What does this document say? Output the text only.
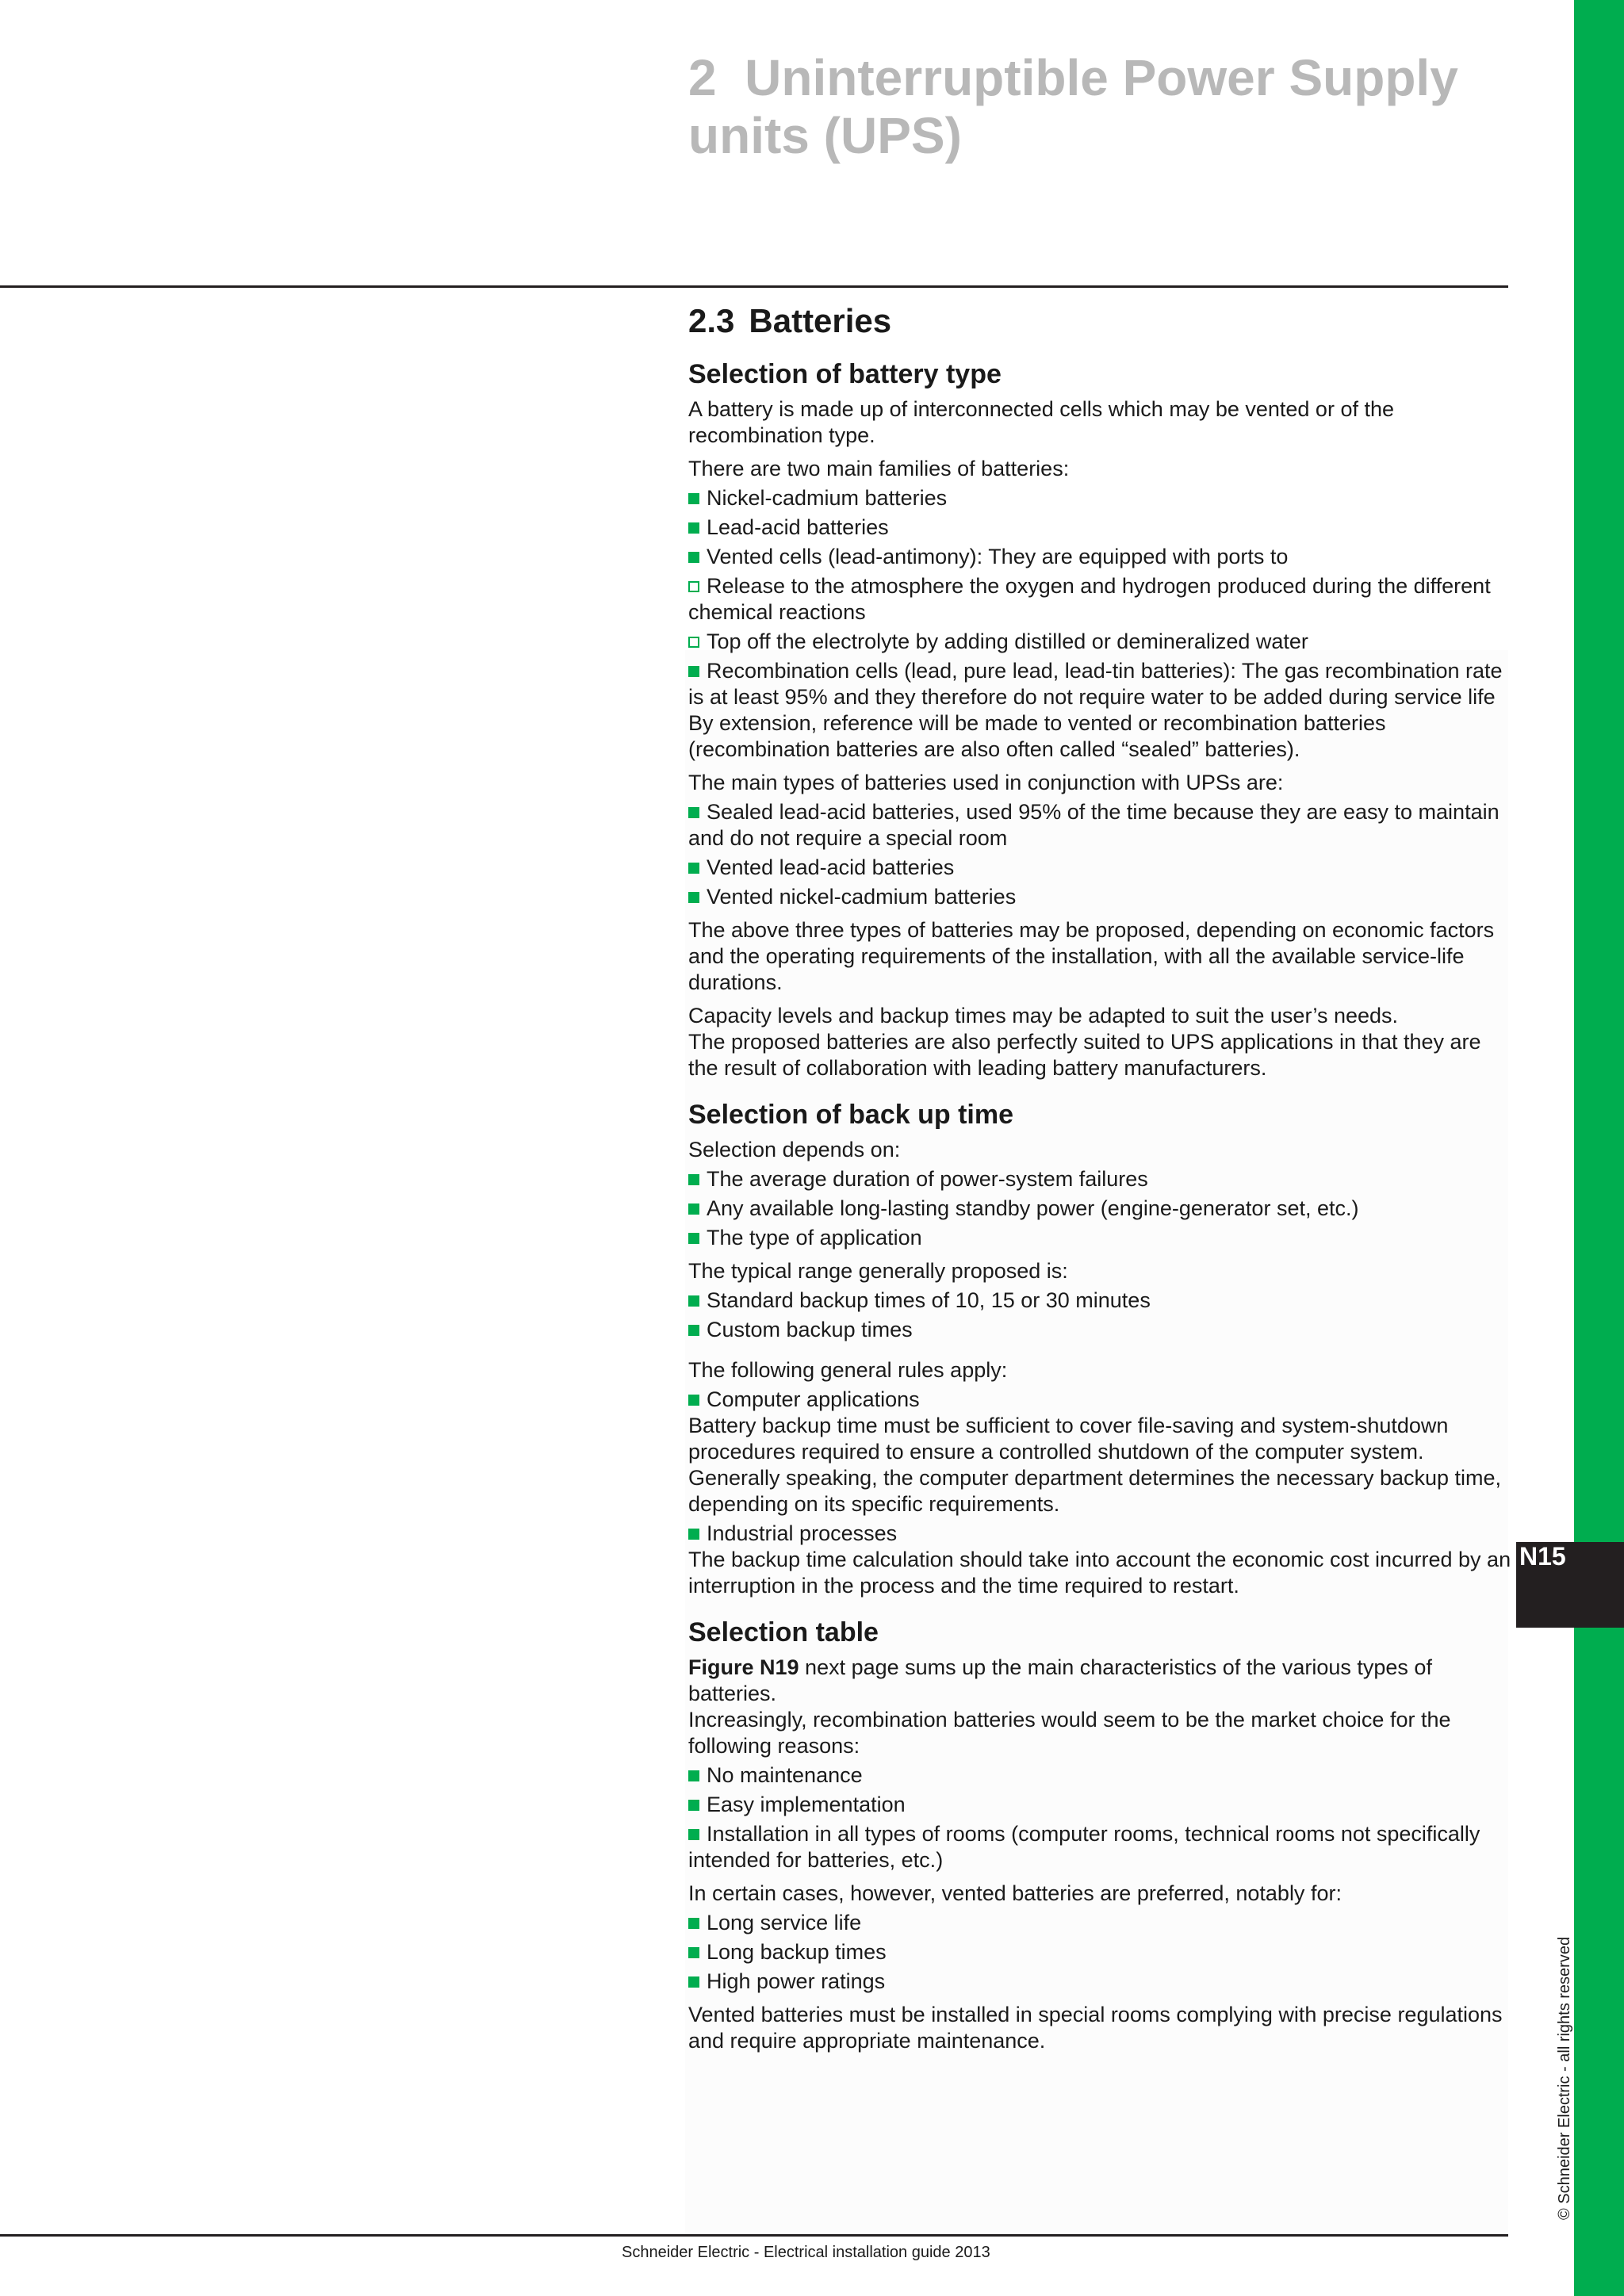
N15
© Schneider Electric - all rights reserved
2 Uninterruptible Power Supply units (UPS)
2.3 Batteries
Selection of battery type

A battery is made up of interconnected cells which may be vented or of the recombination type.

There are two main families of batteries:

Nickel-cadmium batteries

Lead-acid batteries

Vented cells (lead-antimony): They are equipped with ports to

Release to the atmosphere the oxygen and hydrogen produced during the different chemical reactions

Top off the electrolyte by adding distilled or demineralized water

Recombination cells (lead, pure lead, lead-tin batteries): The gas recombination rate is at least 95% and they therefore do not require water to be added during service life

By extension, reference will be made to vented or recombination batteries (recombination batteries are also often called “sealed” batteries).

The main types of batteries used in conjunction with UPSs are:

Sealed lead-acid batteries, used 95% of the time because they are easy to maintain and do not require a special room

Vented lead-acid batteries

Vented nickel-cadmium batteries

The above three types of batteries may be proposed, depending on economic factors and the operating requirements of the installation, with all the available service-life durations.

Capacity levels and backup times may be adapted to suit the user’s needs.

The proposed batteries are also perfectly suited to UPS applications in that they are the result of collaboration with leading battery manufacturers.

Selection of back up time

Selection depends on:

The average duration of power-system failures

Any available long-lasting standby power (engine-generator set, etc.)

The type of application

The typical range generally proposed is:

Standard backup times of 10, 15 or 30 minutes

Custom backup times

The following general rules apply:

Computer applications

Battery backup time must be sufficient to cover file-saving and system-shutdown procedures required to ensure a controlled shutdown of the computer system. Generally speaking, the computer department determines the necessary backup time, depending on its specific requirements.

Industrial processes

The backup time calculation should take into account the economic cost incurred by an interruption in the process and the time required to restart.

Selection table

Figure N19 next page sums up the main characteristics of the various types of batteries.

Increasingly, recombination batteries would seem to be the market choice for the following reasons:

No maintenance

Easy implementation

Installation in all types of rooms (computer rooms, technical rooms not specifically intended for batteries, etc.)

In certain cases, however, vented batteries are preferred, notably for:

Long service life

Long backup times

High power ratings

Vented batteries must be installed in special rooms complying with precise regulations and require appropriate maintenance.

Schneider Electric - Electrical installation guide 2013
